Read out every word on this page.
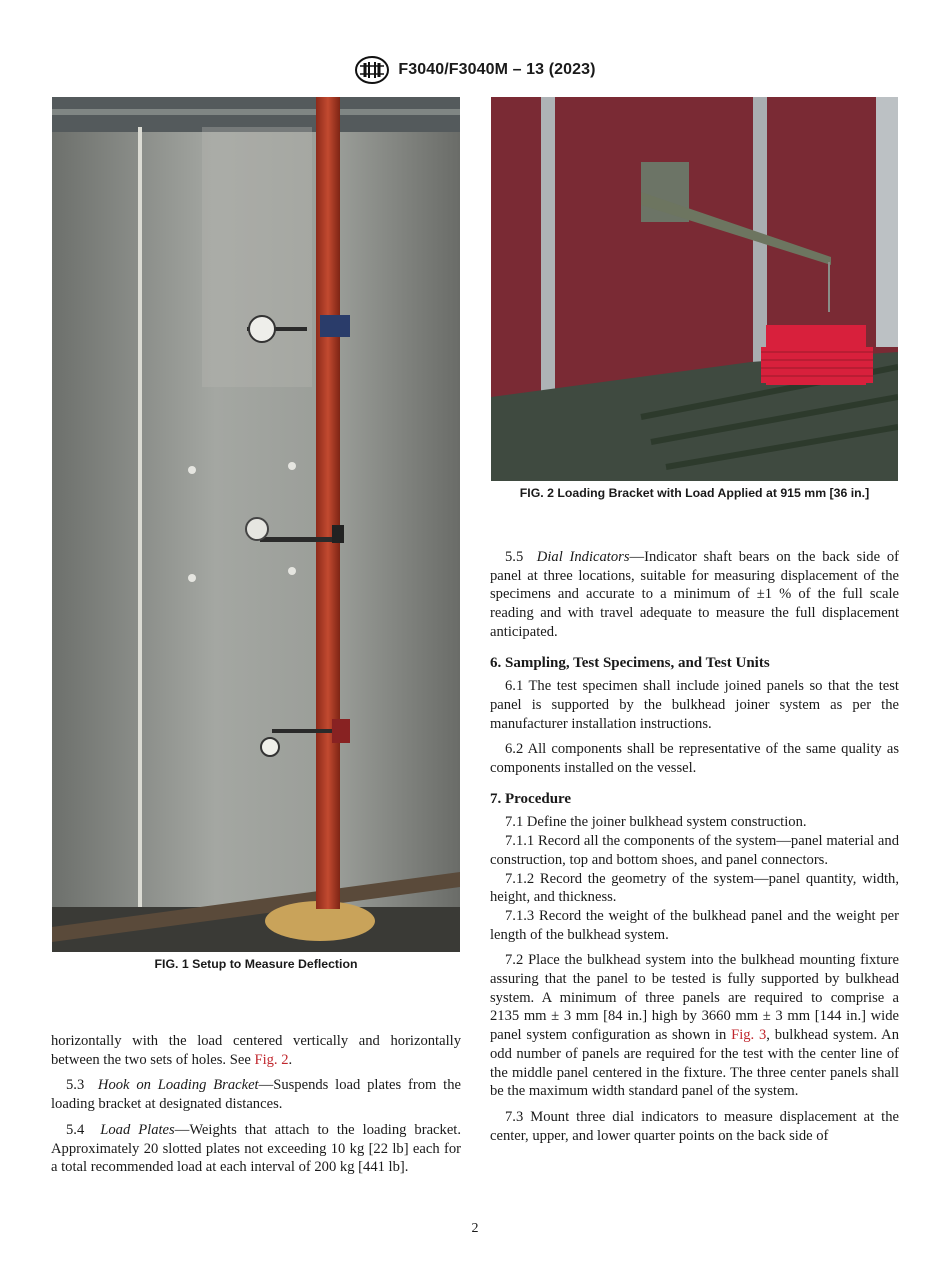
F3040/F3040M – 13 (2023)
FIG. 1 Setup to Measure Deflection
FIG. 2 Loading Bracket with Load Applied at 915 mm [36 in.]

horizontally with the load centered vertically and horizontally between the two sets of holes. See Fig. 2.

5.3 Hook on Loading Bracket—Suspends load plates from the loading bracket at designated distances.

5.4 Load Plates—Weights that attach to the loading bracket. Approximately 20 slotted plates not exceeding 10 kg [22 lb] each for a total recommended load at each interval of 200 kg [441 lb].

5.5 Dial Indicators—Indicator shaft bears on the back side of panel at three locations, suitable for measuring displacement of the specimens and accurate to a minimum of ±1 % of the full scale reading and with travel adequate to measure the full displacement anticipated.

6. Sampling, Test Specimens, and Test Units

6.1 The test specimen shall include joined panels so that the test panel is supported by the bulkhead joiner system as per the manufacturer installation instructions.

6.2 All components shall be representative of the same quality as components installed on the vessel.

7. Procedure

7.1 Define the joiner bulkhead system construction.

7.1.1 Record all the components of the system—panel material and construction, top and bottom shoes, and panel connectors.

7.1.2 Record the geometry of the system—panel quantity, width, height, and thickness.

7.1.3 Record the weight of the bulkhead panel and the weight per length of the bulkhead system.

7.2 Place the bulkhead system into the bulkhead mounting fixture assuring that the panel to be tested is fully supported by bulkhead system. A minimum of three panels are required to comprise a 2135 mm ± 3 mm [84 in.] high by 3660 mm ± 3 mm [144 in.] wide panel system configuration as shown in Fig. 3, bulkhead system. An odd number of panels are required for the test with the center line of the middle panel centered in the fixture. The three center panels shall be the maximum width standard panel of the system.

7.3 Mount three dial indicators to measure displacement at the center, upper, and lower quarter points on the back side of

2
